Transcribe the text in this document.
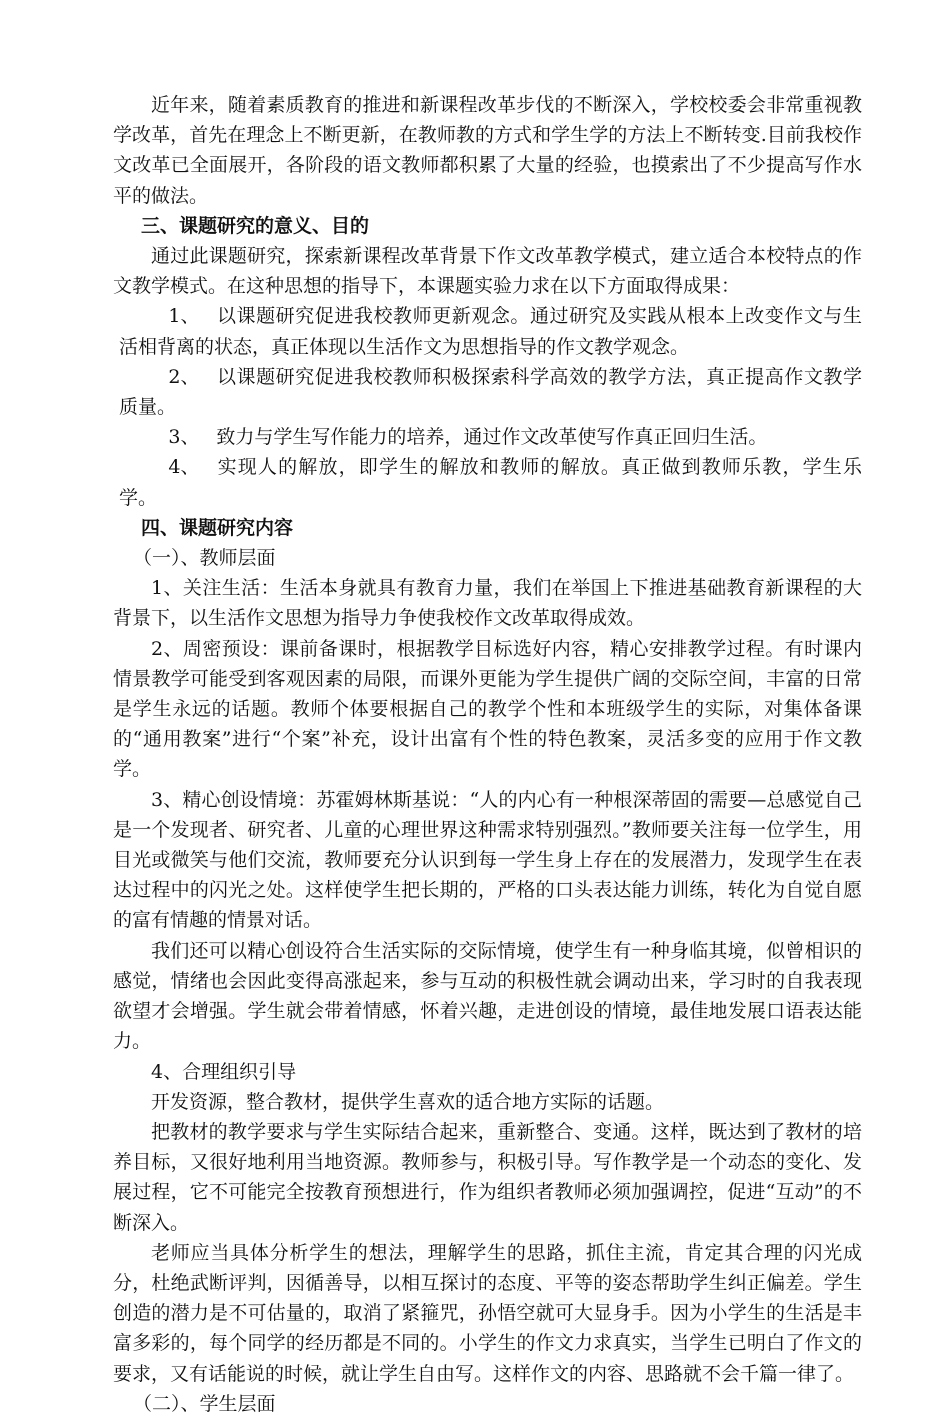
近年来，随着素质教育的推进和新课程改革步伐的不断深入，学校校委会非常重视教学改革，首先在理念上不断更新，在教师教的方式和学生学的方法上不断转变.目前我校作文改革已全面展开，各阶段的语文教师都积累了大量的经验，也摸索出了不少提高写作水平的做法。

三、课题研究的意义、目的

通过此课题研究，探索新课程改革背景下作文改革教学模式，建立适合本校特点的作文教学模式。在这种思想的指导下，本课题实验力求在以下方面取得成果：

1、 以课题研究促进我校教师更新观念。通过研究及实践从根本上改变作文与生活相背离的状态，真正体现以生活作文为思想指导的作文教学观念。

2、 以课题研究促进我校教师积极探索科学高效的教学方法，真正提高作文教学质量。

3、 致力与学生写作能力的培养，通过作文改革使写作真正回归生活。

4、 实现人的解放，即学生的解放和教师的解放。真正做到教师乐教，学生乐学。

四、课题研究内容

（一）、教师层面

1、关注生活：生活本身就具有教育力量，我们在举国上下推进基础教育新课程的大背景下，以生活作文思想为指导力争使我校作文改革取得成效。

2、周密预设：课前备课时，根据教学目标选好内容，精心安排教学过程。有时课内情景教学可能受到客观因素的局限，而课外更能为学生提供广阔的交际空间，丰富的日常是学生永远的话题。教师个体要根据自己的教学个性和本班级学生的实际，对集体备课的“通用教案”进行“个案”补充，设计出富有个性的特色教案，灵活多变的应用于作文教学。

3、精心创设情境：苏霍姆林斯基说：“人的内心有一种根深蒂固的需要—总感觉自己是一个发现者、研究者、儿童的心理世界这种需求特别强烈。”教师要关注每一位学生，用目光或微笑与他们交流，教师要充分认识到每一学生身上存在的发展潜力，发现学生在表达过程中的闪光之处。这样使学生把长期的，严格的口头表达能力训练，转化为自觉自愿的富有情趣的情景对话。

我们还可以精心创设符合生活实际的交际情境，使学生有一种身临其境，似曾相识的感觉，情绪也会因此变得高涨起来，参与互动的积极性就会调动出来，学习时的自我表现欲望才会增强。学生就会带着情感，怀着兴趣，走进创设的情境，最佳地发展口语表达能力。

4、合理组织引导

开发资源，整合教材，提供学生喜欢的适合地方实际的话题。

把教材的教学要求与学生实际结合起来，重新整合、变通。这样，既达到了教材的培养目标，又很好地利用当地资源。教师参与，积极引导。写作教学是一个动态的变化、发展过程，它不可能完全按教育预想进行，作为组织者教师必须加强调控，促进“互动”的不断深入。

老师应当具体分析学生的想法，理解学生的思路，抓住主流，肯定其合理的闪光成分，杜绝武断评判，因循善导，以相互探讨的态度、平等的姿态帮助学生纠正偏差。学生创造的潜力是不可估量的，取消了紧箍咒，孙悟空就可大显身手。因为小学生的生活是丰富多彩的，每个同学的经历都是不同的。小学生的作文力求真实，当学生已明白了作文的要求，又有话能说的时候，就让学生自由写。这样作文的内容、思路就不会千篇一律了。

（二）、学生层面
